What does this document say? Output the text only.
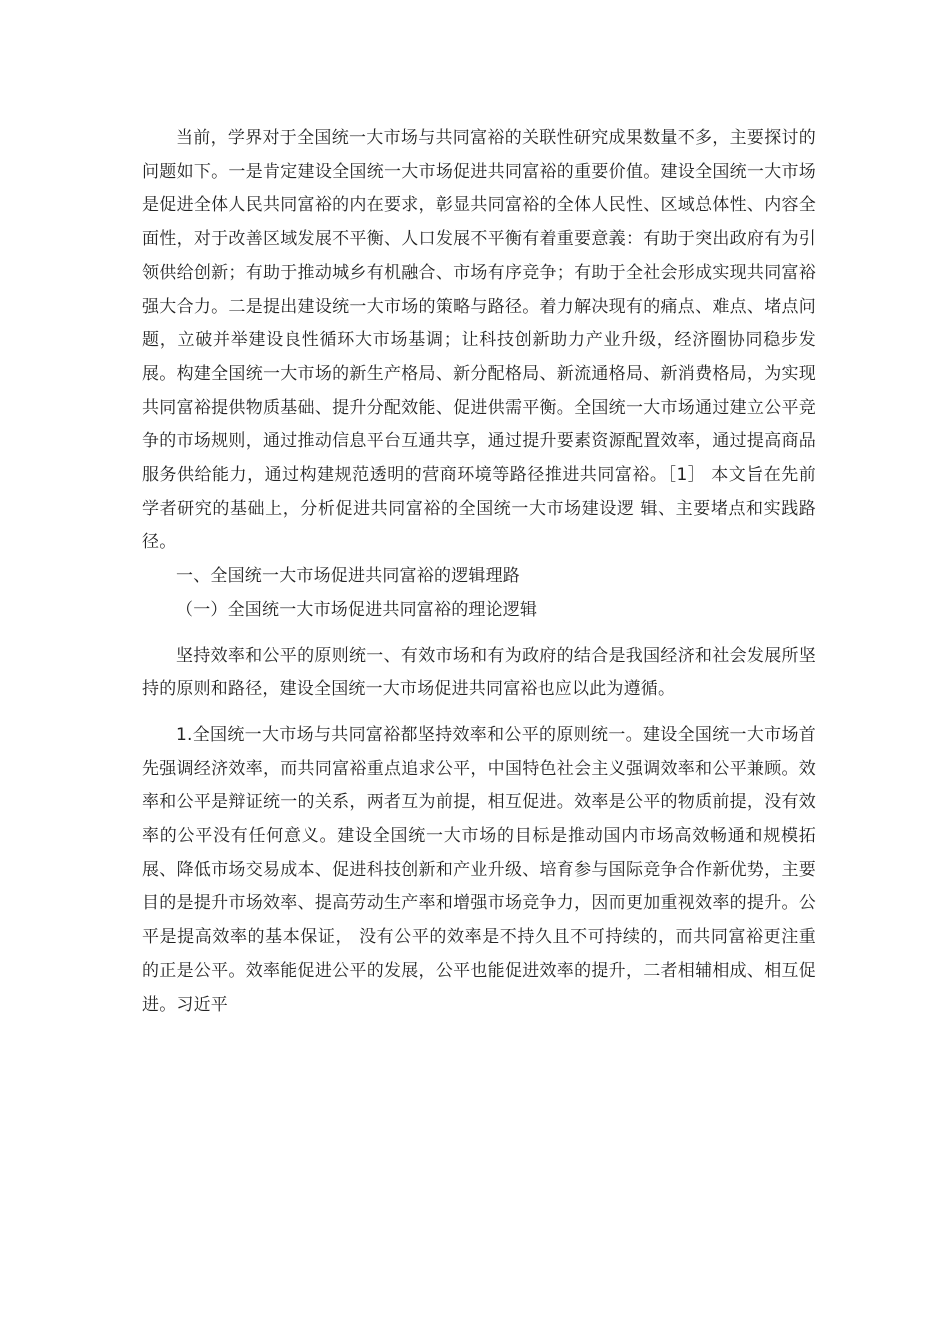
当前，学界对于全国统一大市场与共同富裕的关联性研究成果数量不多，主要探讨的问题如下。一是肯定建设全国统一大市场促进共同富裕的重要价值。建设全国统一大市场是促进全体人民共同富裕的内在要求，彰显共同富裕的全体人民性、区域总体性、内容全面性，对于改善区域发展不平衡、人口发展不平衡有着重要意義：有助于突出政府有为引领供给创新；有助于推动城乡有机融合、市场有序竞争；有助于全社会形成实现共同富裕强大合力。二是提出建设统一大市场的策略与路径。着力解决现有的痛点、难点、堵点问题，立破并举建设良性循环大市场基调；让科技创新助力产业升级，经济圈协同稳步发展。构建全国统一大市场的新生产格局、新分配格局、新流通格局、新消费格局，为实现共同富裕提供物质基础、提升分配效能、促进供需平衡。全国统一大市场通过建立公平竞争的市场规则，通过推动信息平台互通共享，通过提升要素资源配置效率，通过提高商品服务供给能力，通过构建规范透明的营商环境等路径推进共同富裕。［1］ 本文旨在先前学者研究的基础上，分析促进共同富裕的全国统一大市场建设逻 辑、主要堵点和实践路径。

一、全国统一大市场促进共同富裕的逻辑理路

（一）全国统一大市场促进共同富裕的理论逻辑

坚持效率和公平的原则统一、有效市场和有为政府的结合是我国经济和社会发展所坚持的原则和路径，建设全国统一大市场促进共同富裕也应以此为遵循。

1.全国统一大市场与共同富裕都坚持效率和公平的原则统一。建设全国统一大市场首先强调经济效率，而共同富裕重点追求公平，中国特色社会主义强调效率和公平兼顾。效率和公平是辩证统一的关系，两者互为前提，相互促进。效率是公平的物质前提，没有效率的公平没有任何意义。建设全国统一大市场的目标是推动国内市场高效畅通和规模拓展、降低市场交易成本、促进科技创新和产业升级、培育参与国际竞争合作新优势，主要目的是提升市场效率、提高劳动生产率和增强市场竞争力，因而更加重视效率的提升。公平是提高效率的基本保证， 没有公平的效率是不持久且不可持续的，而共同富裕更注重的正是公平。效率能促进公平的发展，公平也能促进效率的提升，二者相辅相成、相互促进。习近平
